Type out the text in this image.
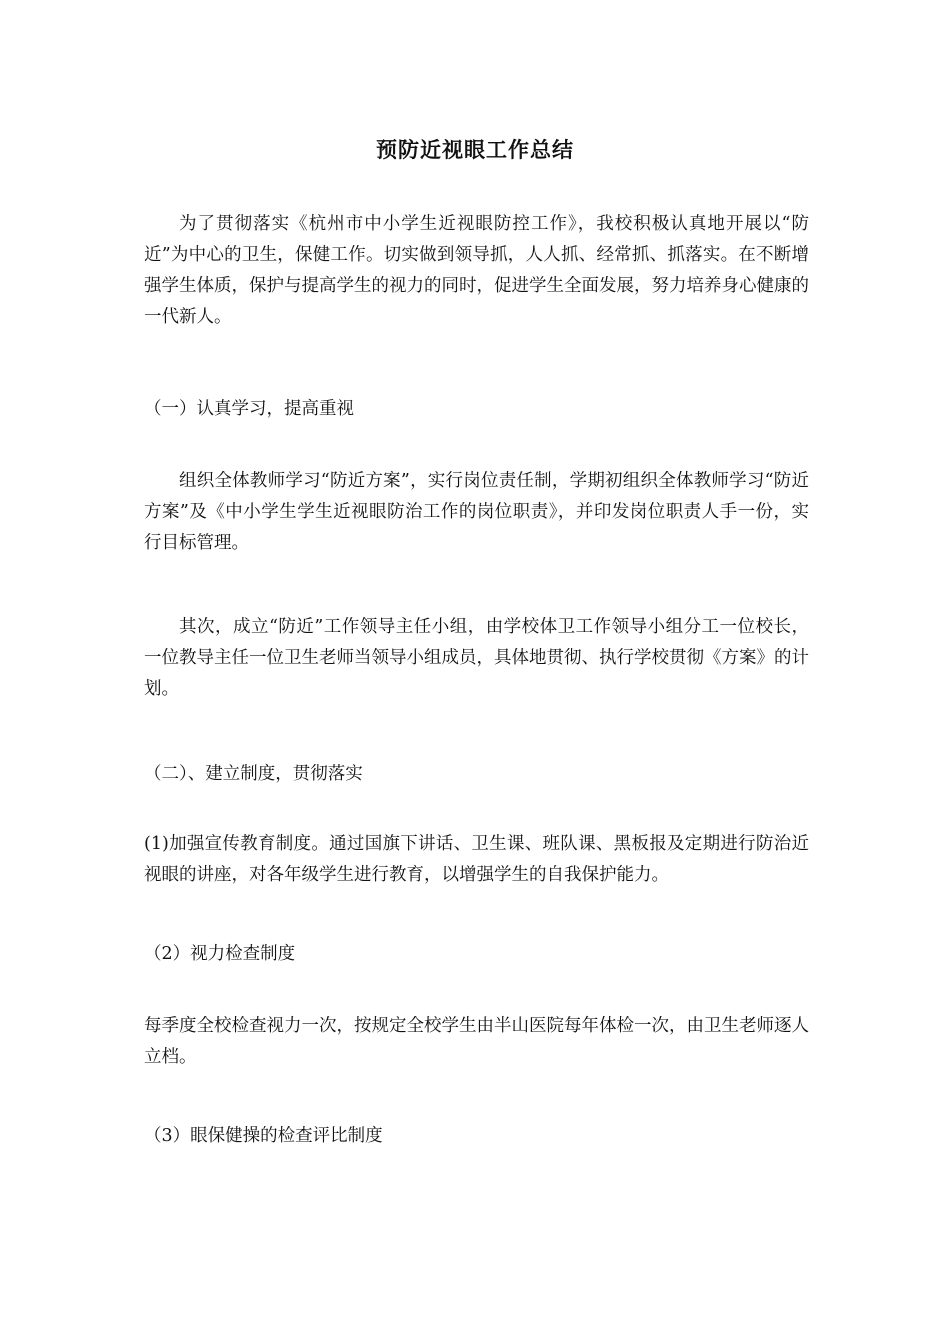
预防近视眼工作总结
为了贯彻落实《杭州市中小学生近视眼防控工作》，我校积极认真地开展以“防近”为中心的卫生，保健工作。切实做到领导抓，人人抓、经常抓、抓落实。在不断增强学生体质，保护与提高学生的视力的同时，促进学生全面发展，努力培养身心健康的一代新人。
（一）认真学习，提高重视
组织全体教师学习“防近方案”，实行岗位责任制，学期初组织全体教师学习“防近方案”及《中小学生学生近视眼防治工作的岗位职责》，并印发岗位职责人手一份，实行目标管理。
其次，成立“防近”工作领导主任小组，由学校体卫工作领导小组分工一位校长，一位教导主任一位卫生老师当领导小组成员，具体地贯彻、执行学校贯彻《方案》的计划。
（二）、建立制度，贯彻落实
(1)加强宣传教育制度。通过国旗下讲话、卫生课、班队课、黑板报及定期进行防治近视眼的讲座，对各年级学生进行教育，以增强学生的自我保护能力。
（2）视力检查制度
每季度全校检查视力一次，按规定全校学生由半山医院每年体检一次，由卫生老师逐人立档。
（3）眼保健操的检查评比制度
